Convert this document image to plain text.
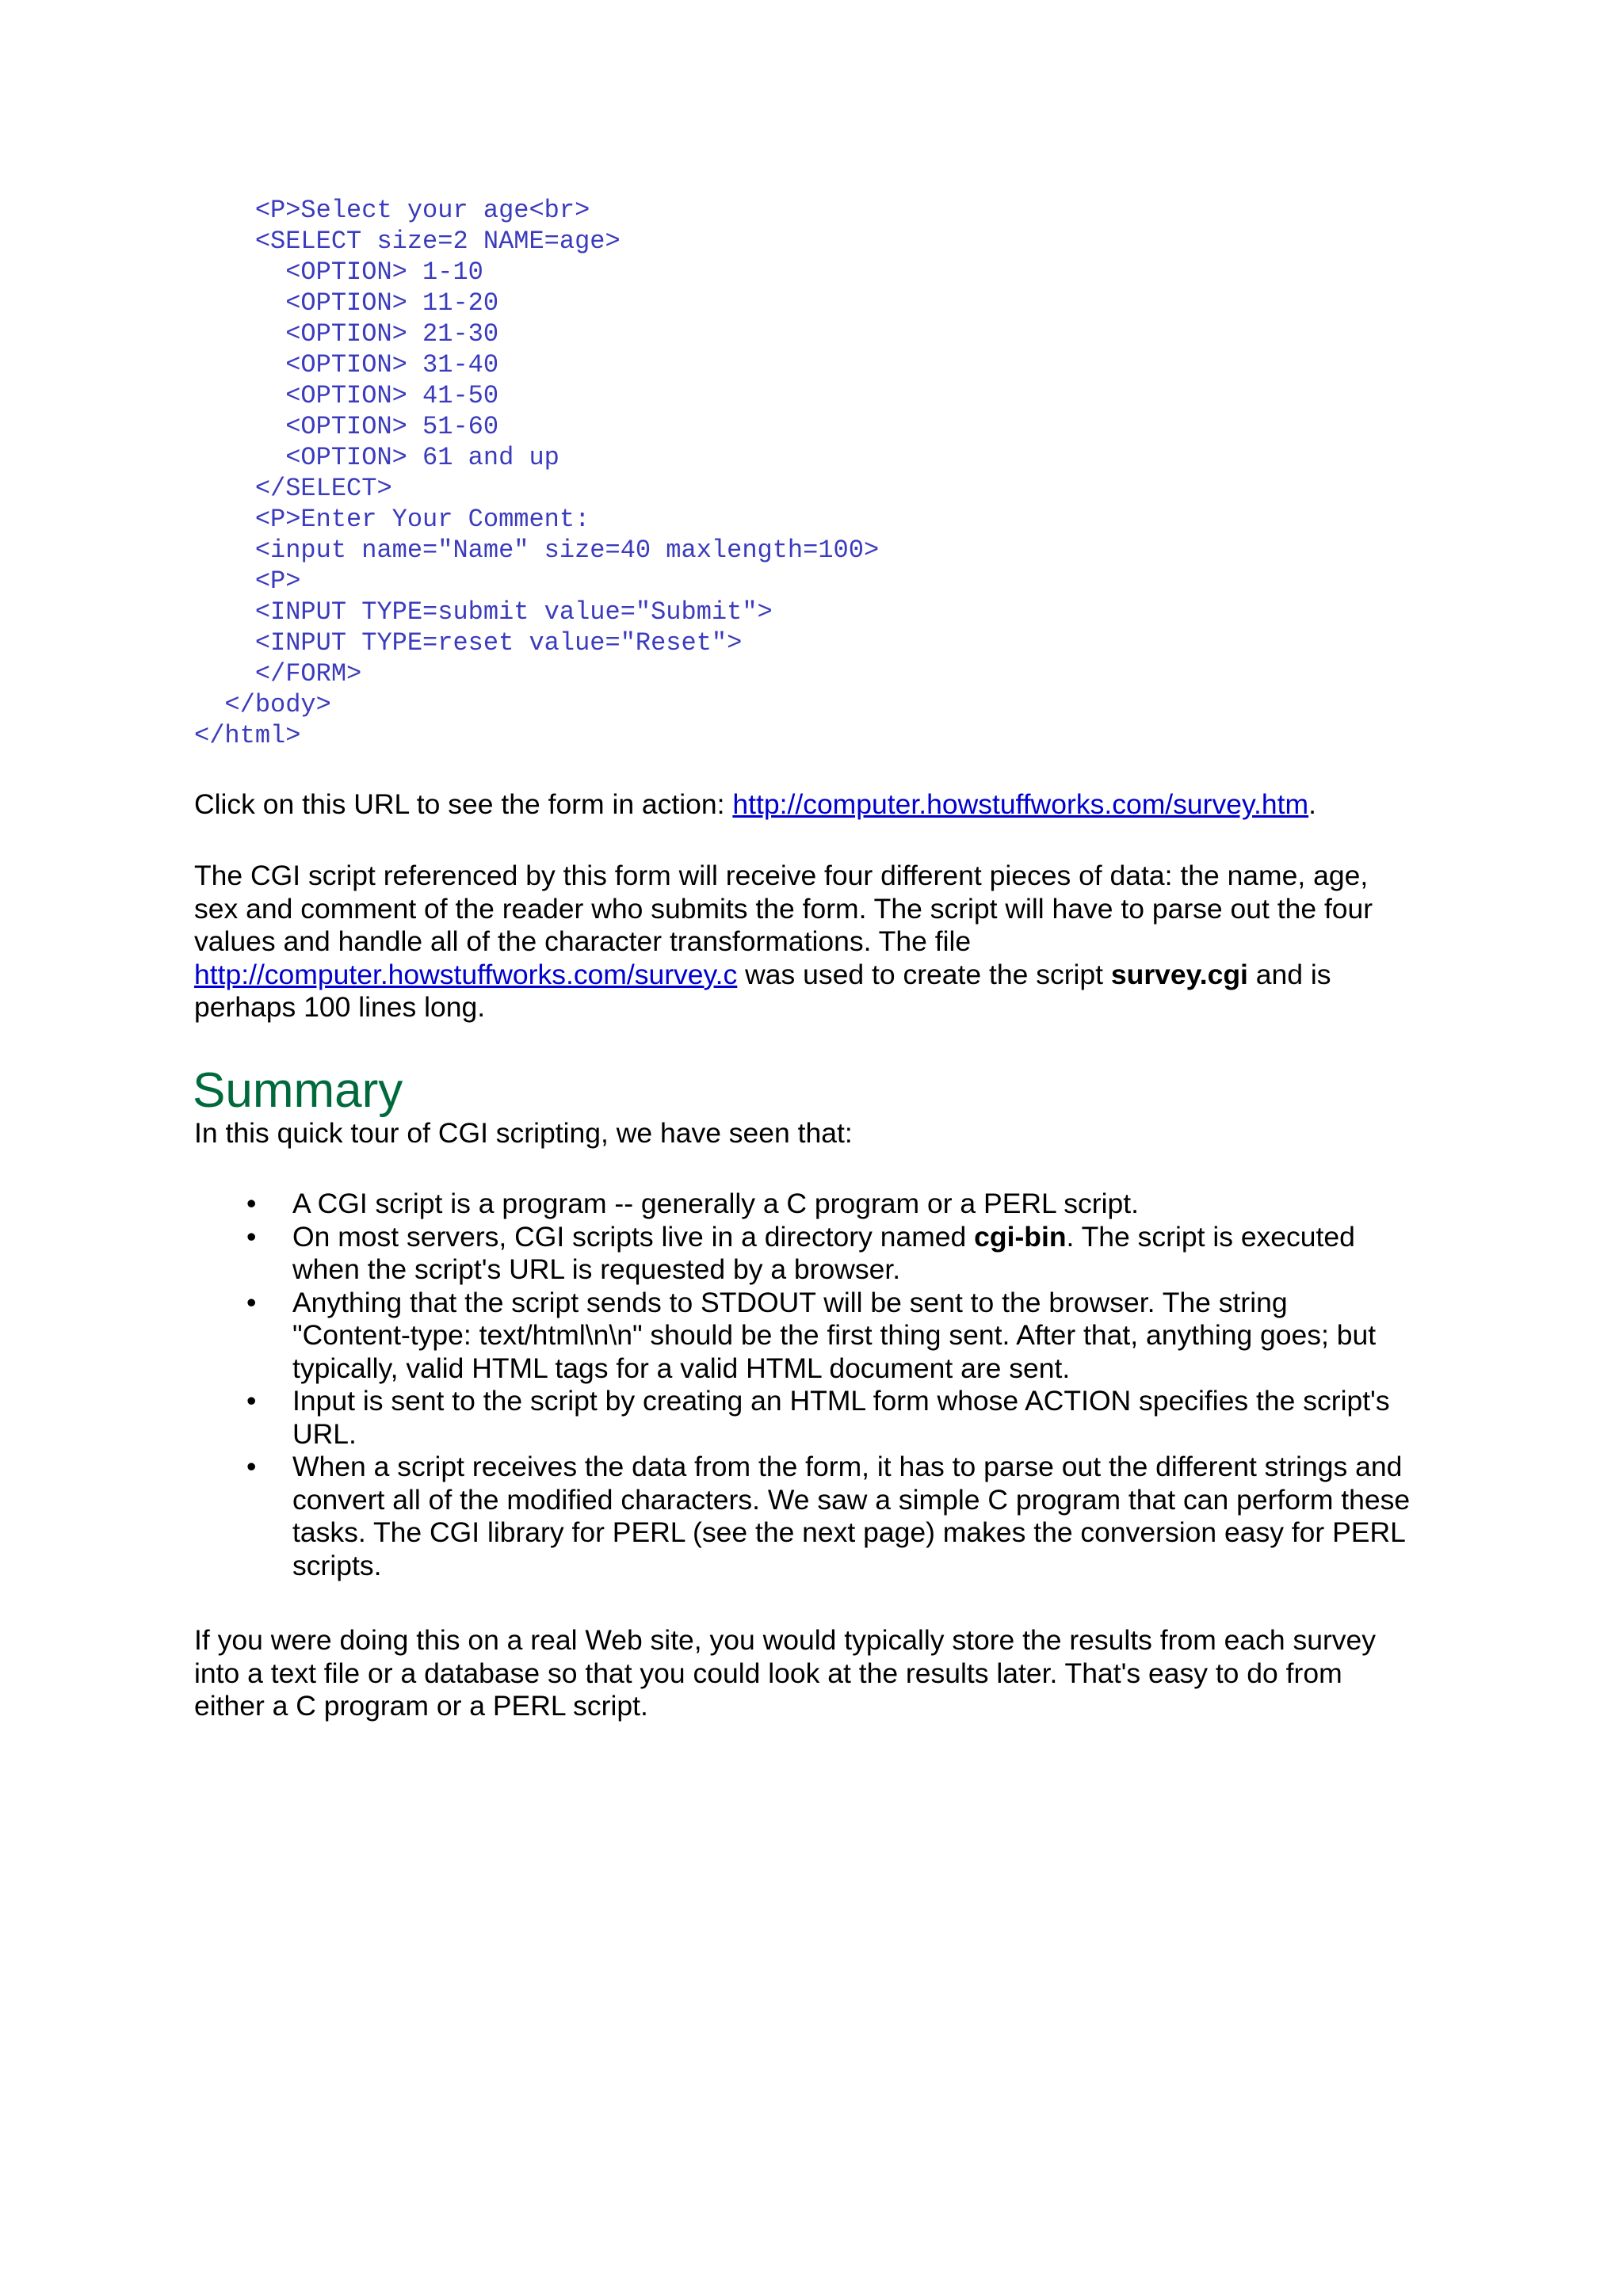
<P>Select your age<br>
<SELECT size=2 NAME=age>
<OPTION> 1-10
<OPTION> 11-20
<OPTION> 21-30
<OPTION> 31-40
<OPTION> 41-50
<OPTION> 51-60
<OPTION> 61 and up
</SELECT>
<P>Enter Your Comment:
<input name="Name" size=40 maxlength=100>
<P>
<INPUT TYPE=submit value="Submit">
<INPUT TYPE=reset value="Reset">
</FORM>
</body>
</html>
Click on this URL to see the form in action: http://computer.howstuffworks.com/survey.htm.
The CGI script referenced by this form will receive four different pieces of data: the name, age,
sex and comment of the reader who submits the form. The script will have to parse out the four
values and handle all of the character transformations. The file
http://computer.howstuffworks.com/survey.c was used to create the script survey.cgi and is
perhaps 100 lines long.
Summary
In this quick tour of CGI scripting, we have seen that:
• A CGI script is a program -- generally a C program or a PERL script.
• On most servers, CGI scripts live in a directory named cgi-bin. The script is executed
when the script's URL is requested by a browser.
• Anything that the script sends to STDOUT will be sent to the browser. The string
"Content-type: text/html\n\n" should be the first thing sent. After that, anything goes; but
typically, valid HTML tags for a valid HTML document are sent.
• Input is sent to the script by creating an HTML form whose ACTION specifies the script's
URL.
• When a script receives the data from the form, it has to parse out the different strings and
convert all of the modified characters. We saw a simple C program that can perform these
tasks. The CGI library for PERL (see the next page) makes the conversion easy for PERL
scripts.
If you were doing this on a real Web site, you would typically store the results from each survey
into a text file or a database so that you could look at the results later. That's easy to do from
either a C program or a PERL script.
